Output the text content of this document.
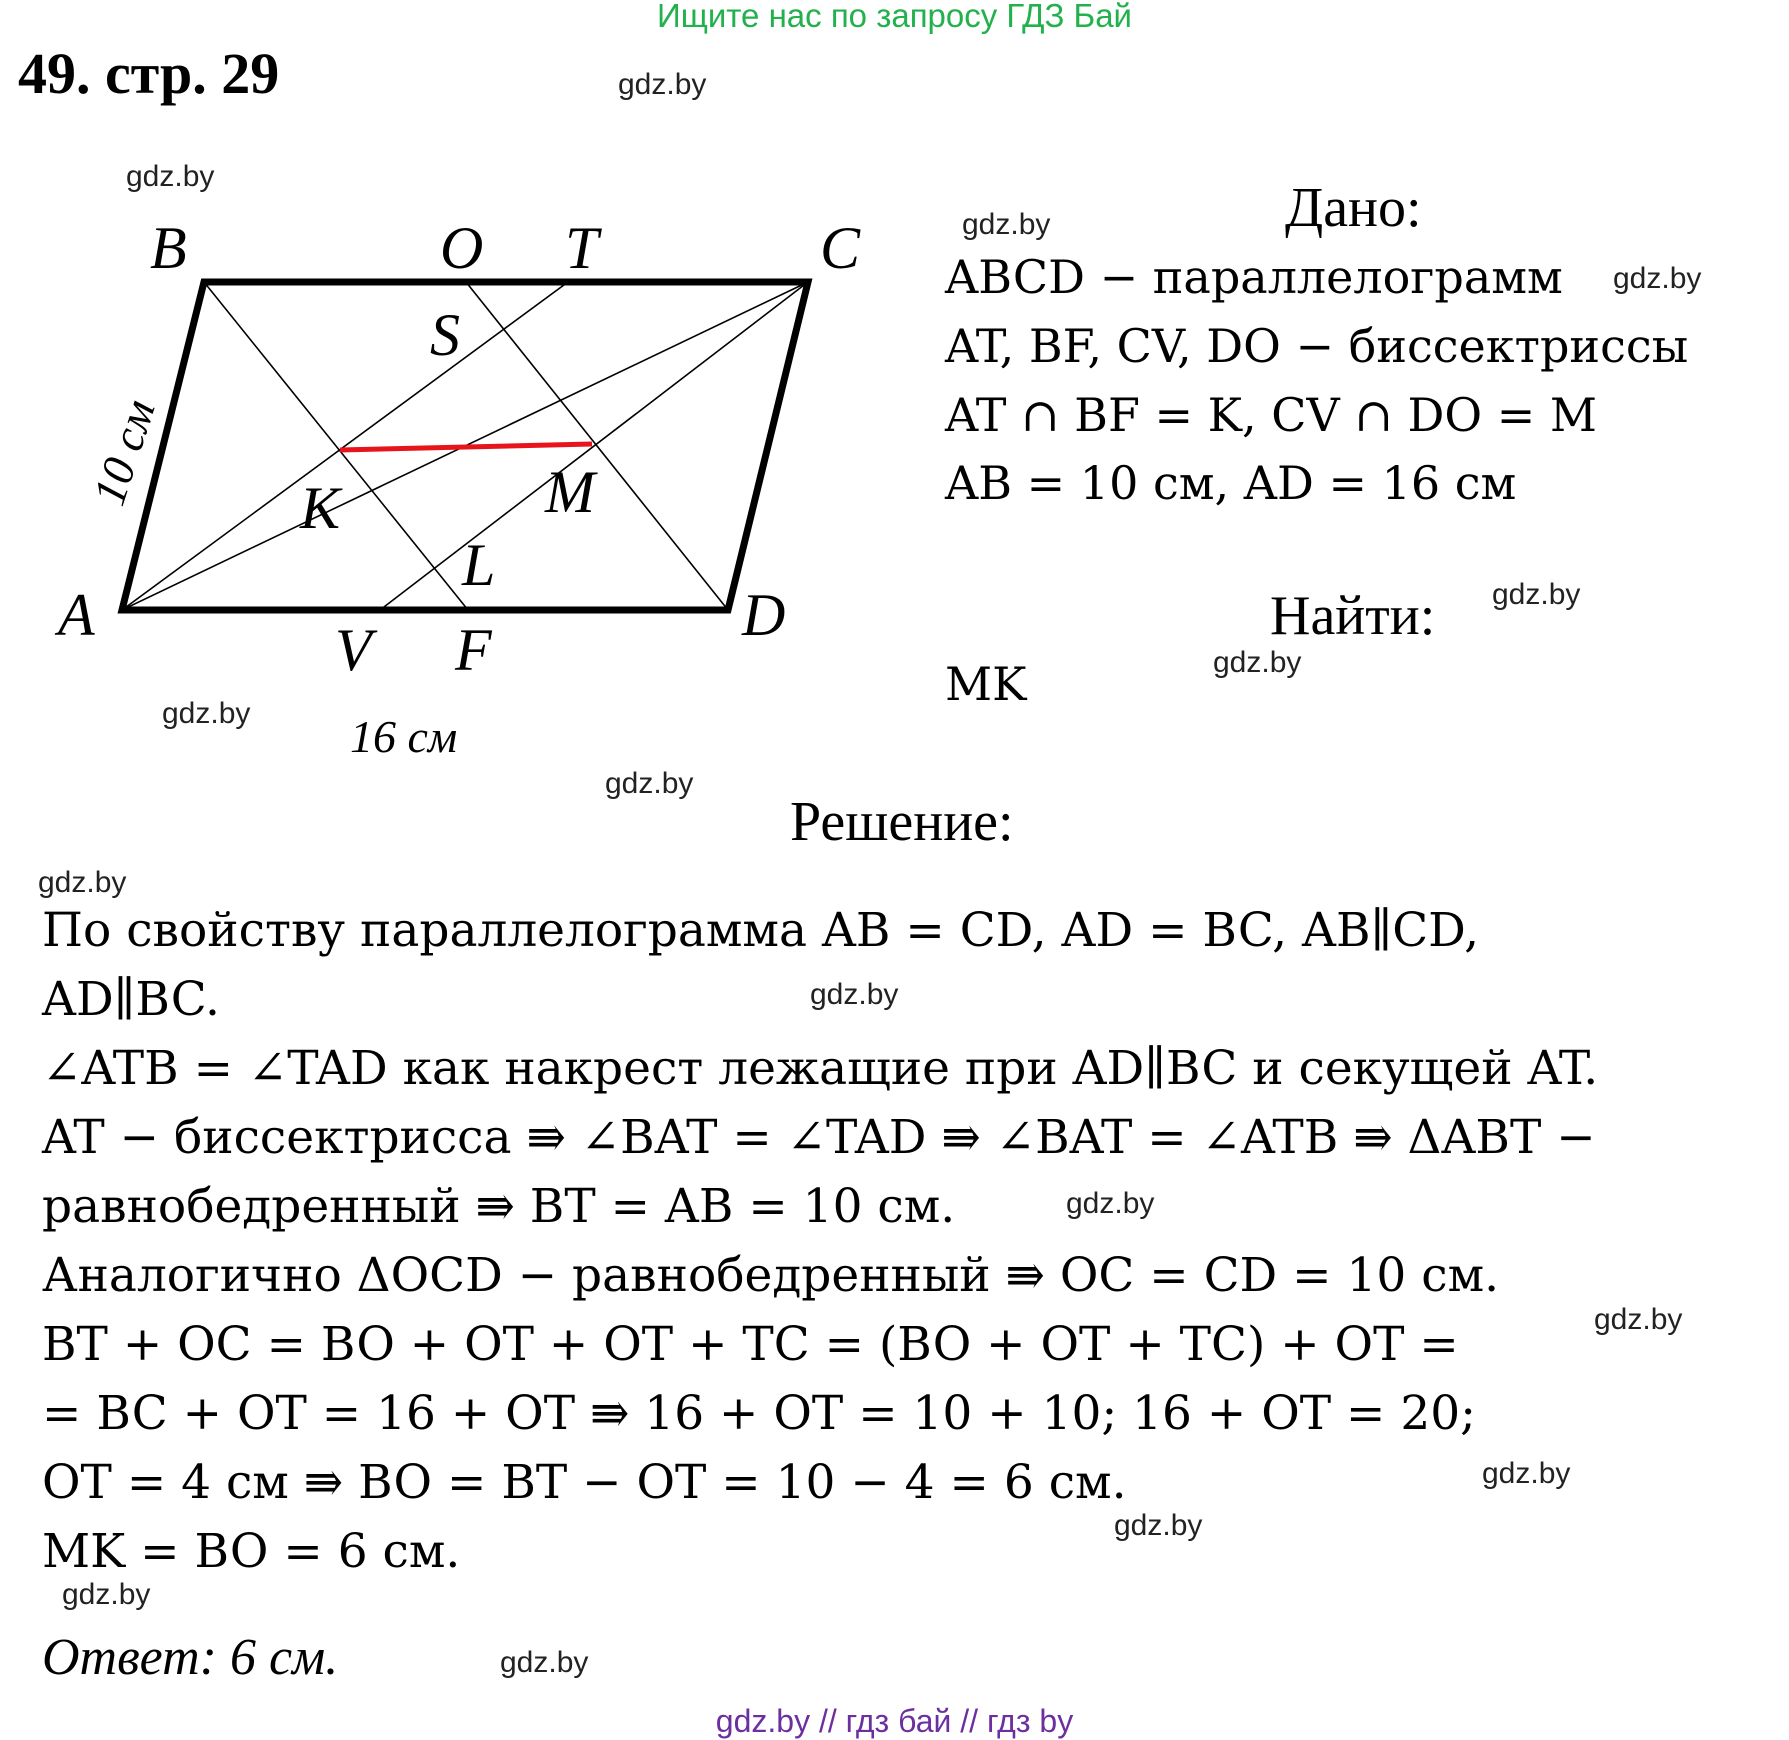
Ищите нас по запросу ГДЗ Бай
49. стр. 29	gdz.by
gdz.by
gdz.by
gdz.by
gdz.by
gdz.by
gdz.by
gdz.by
gdz.by
gdz.by
gdz.by
gdz.by
gdz.by
gdz.by
gdz.by
gdz.by
B	O T	C
S
K	M
L
A
V F
D
10 см
16 см
Дано:
ABCD − параллелограмм
AT, BF, CV, DO − биссектриссы
AT ∩ BF = K, CV ∩ DO = M
AB = 10 см, AD = 16 см
Найти:
MK
Решение:
По свойству параллелограмма AB = CD, AD = BC, AB∥CD,
AD∥BC.
∠ATB = ∠TAD как накрест лежащие при AD∥BC и секущей AT.
AT − биссектрисса ⇛ ∠BAT = ∠TAD ⇛ ∠BAT = ∠ATB ⇛ ΔABT −
равнобедренный ⇛ BT = AB = 10 см.
Аналогично ΔOCD − равнобедренный ⇛ OC = CD = 10 см.
BT + OC = BO + OT + OT + TC = (BO + OT + TC) + OT =
= BC + OT = 16 + OT ⇛ 16 + OT = 10 + 10; 16 + OT = 20;
OT = 4 см ⇛ BO = BT − OT = 10 − 4 = 6 см.
MK = BO = 6 см.
Ответ: 6 см.
gdz.by // гдз бай // гдз by
